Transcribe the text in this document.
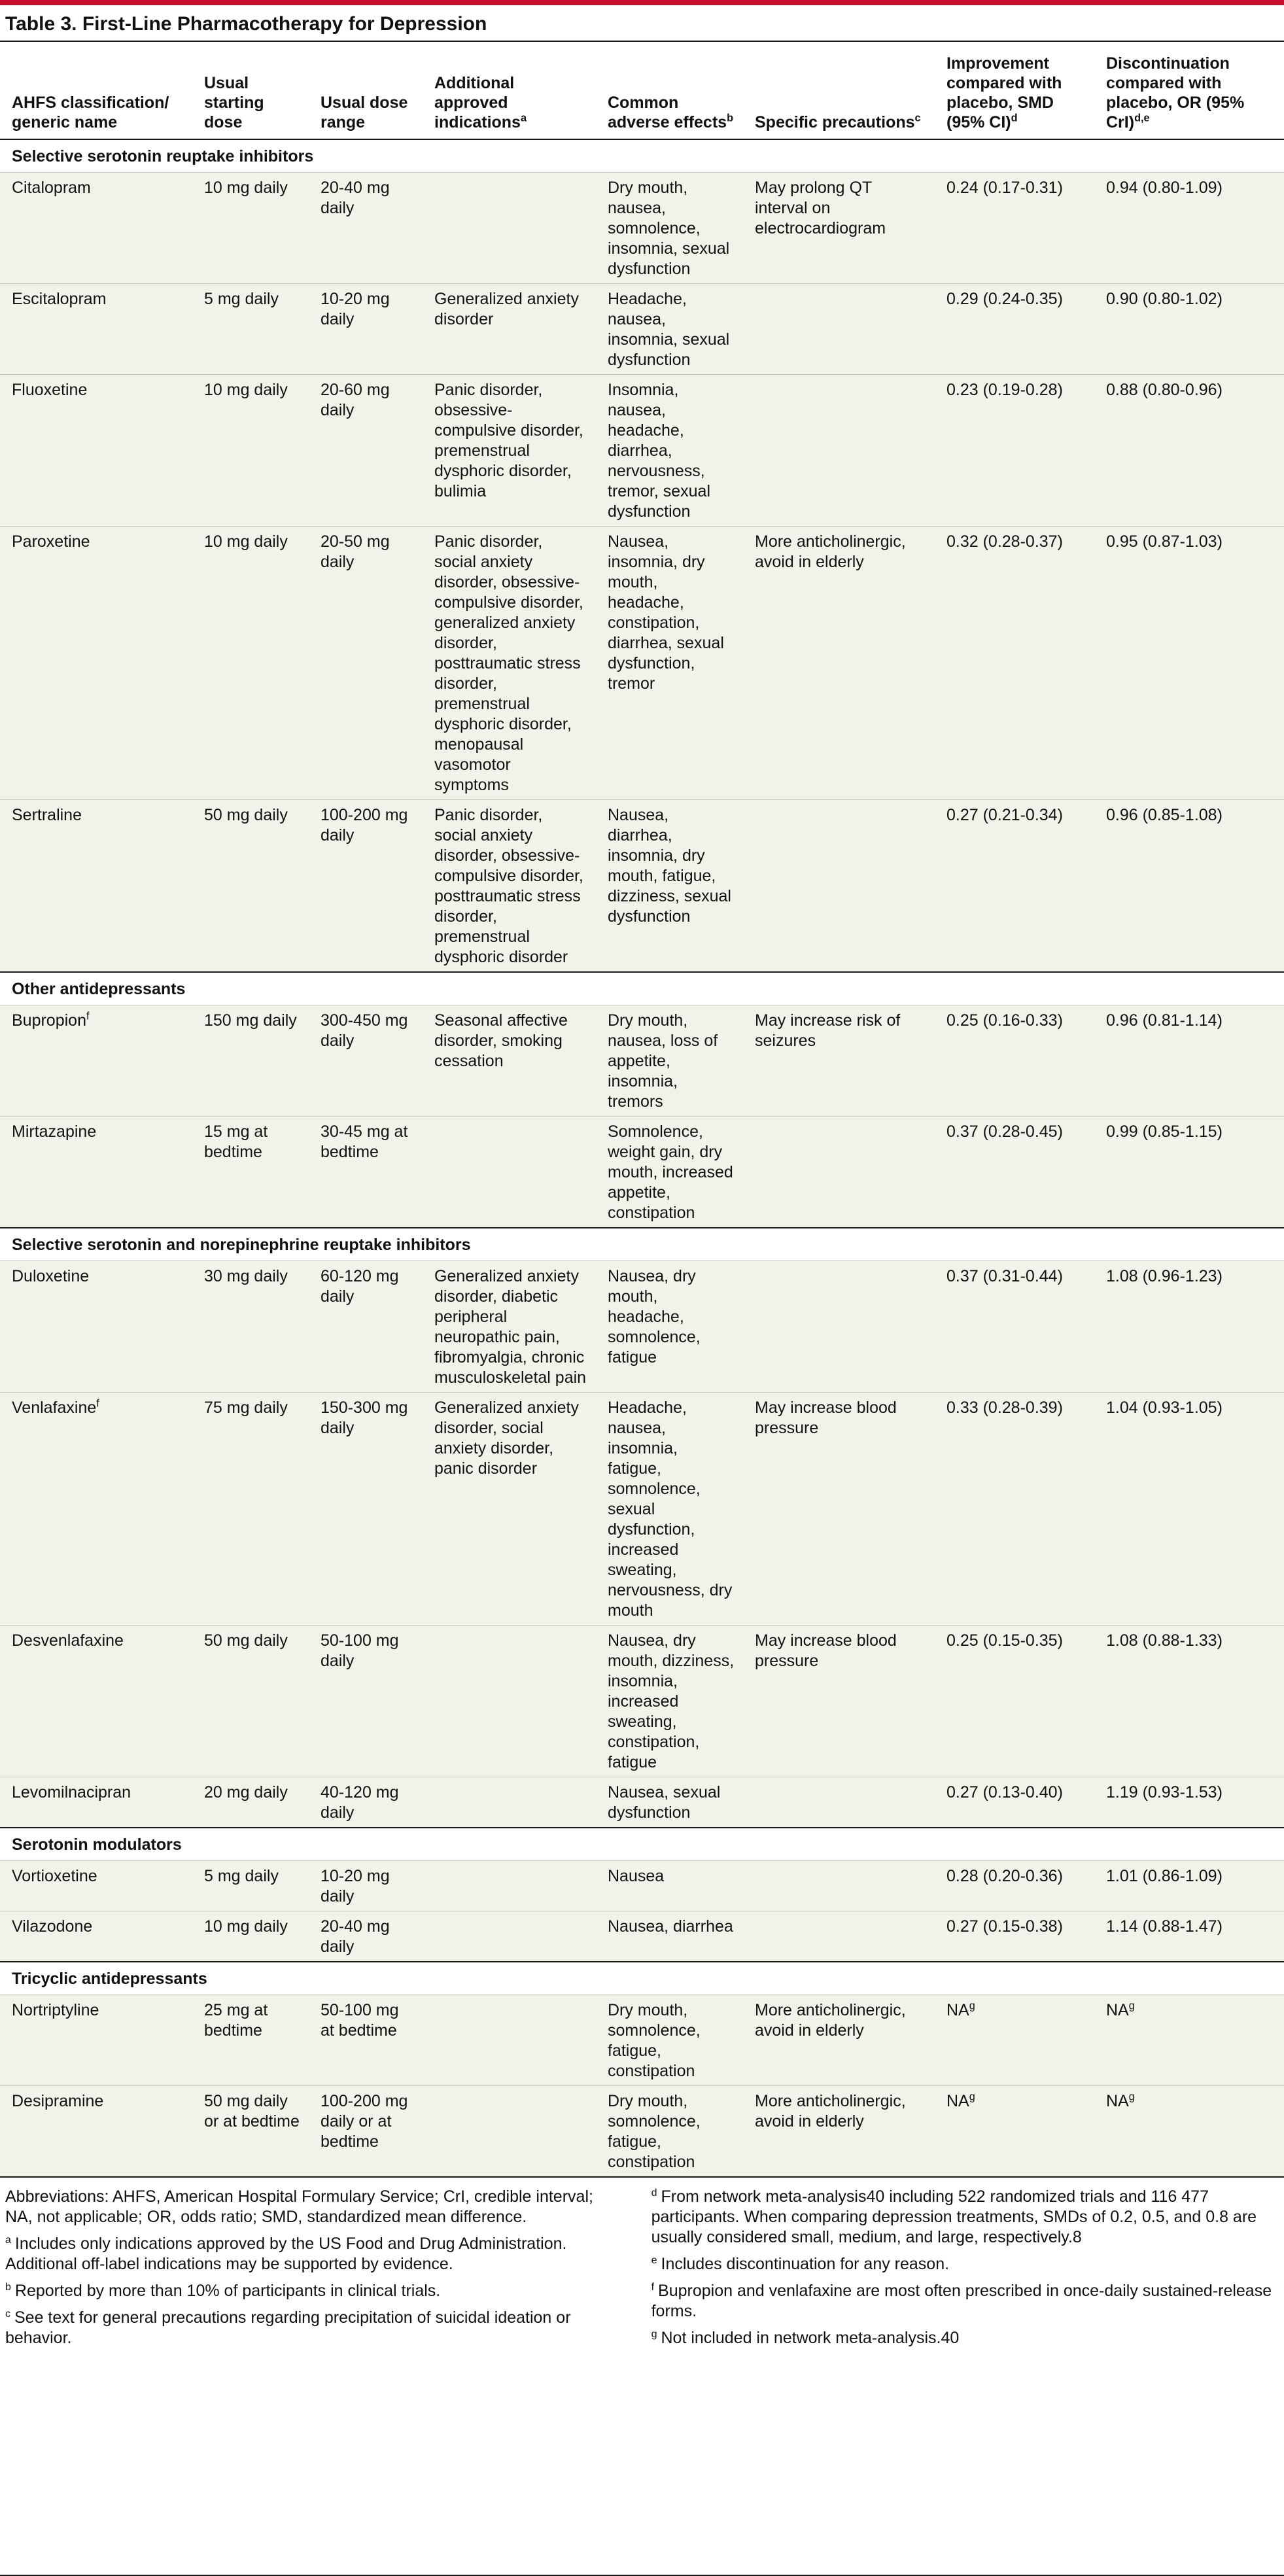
Table 3. First-Line Pharmacotherapy for Depression
AHFS classification/ generic name	Usual starting dose	Usual dose range	Additional approved indications$^a$	Common adverse effects$^b$	Specific precautions$^c$	Improvement compared with placebo, SMD (95% CI)$^d$	Discontinuation compared with placebo, OR (95% CrI)$^{d,e}$
Selective serotonin reuptake inhibitors							
Citalopram	10 mg daily	20-40 mg daily		Dry mouth, nausea, somnolence, insomnia, sexual dysfunction	May prolong QT interval on electrocardiogram	0.24 (0.17-0.31)	0.94 (0.80-1.09)
Escitalopram	5 mg daily	10-20 mg daily	Generalized anxiety disorder	Headache, nausea, insomnia, sexual dysfunction		0.29 (0.24-0.35)	0.90 (0.80-1.02)
Fluoxetine	10 mg daily	20-60 mg daily	Panic disorder, obsessive-compulsive disorder, premenstrual dysphoric disorder, bulimia	Insomnia, nausea, headache, diarrhea, nervousness, tremor, sexual dysfunction		0.23 (0.19-0.28)	0.88 (0.80-0.96)
Paroxetine	10 mg daily	20-50 mg daily	Panic disorder, social anxiety disorder, obsessive-compulsive disorder, generalized anxiety disorder, posttraumatic stress disorder, premenstrual dysphoric disorder, menopausal vasomotor symptoms	Nausea, insomnia, dry mouth, headache, constipation, diarrhea, sexual dysfunction, tremor	More anticholinergic, avoid in elderly	0.32 (0.28-0.37)	0.95 (0.87-1.03)
Sertraline	50 mg daily	100-200 mg daily	Panic disorder, social anxiety disorder, obsessive-compulsive disorder, posttraumatic stress disorder, premenstrual dysphoric disorder	Nausea, diarrhea, insomnia, dry mouth, fatigue, dizziness, sexual dysfunction		0.27 (0.21-0.34)	0.96 (0.85-1.08)
Other antidepressants							
Bupropion$^f$	150 mg daily	300-450 mg daily	Seasonal affective disorder, smoking cessation	Dry mouth, nausea, loss of appetite, insomnia, tremors	May increase risk of seizures	0.25 (0.16-0.33)	0.96 (0.81-1.14)
Mirtazapine	15 mg at bedtime	30-45 mg at bedtime		Somnolence, weight gain, dry mouth, increased appetite, constipation		0.37 (0.28-0.45)	0.99 (0.85-1.15)
Selective serotonin and norepinephrine reuptake inhibitors							
Duloxetine	30 mg daily	60-120 mg daily	Generalized anxiety disorder, diabetic peripheral neuropathic pain, fibromyalgia, chronic musculoskeletal pain	Nausea, dry mouth, headache, somnolence, fatigue		0.37 (0.31-0.44)	1.08 (0.96-1.23)
Venlafaxine$^f$	75 mg daily	150-300 mg daily	Generalized anxiety disorder, social anxiety disorder, panic disorder	Headache, nausea, insomnia, fatigue, somnolence, sexual dysfunction, increased sweating, nervousness, dry mouth	May increase blood pressure	0.33 (0.28-0.39)	1.04 (0.93-1.05)
Desvenlafaxine	50 mg daily	50-100 mg daily		Nausea, dry mouth, dizziness, insomnia, increased sweating, constipation, fatigue	May increase blood pressure	0.25 (0.15-0.35)	1.08 (0.88-1.33)
Levomilnacipran	20 mg daily	40-120 mg daily		Nausea, sexual dysfunction		0.27 (0.13-0.40)	1.19 (0.93-1.53)
Serotonin modulators							
Vortioxetine	5 mg daily	10-20 mg daily		Nausea		0.28 (0.20-0.36)	1.01 (0.86-1.09)
Vilazodone	10 mg daily	20-40 mg daily		Nausea, diarrhea		0.27 (0.15-0.38)	1.14 (0.88-1.47)
Tricyclic antidepressants							
Nortriptyline	25 mg at bedtime	50-100 mg at bedtime		Dry mouth, somnolence, fatigue, constipation	More anticholinergic, avoid in elderly	$NA^g$	$NA^g$
Desipramine	50 mg daily or at bedtime	100-200 mg daily or at bedtime		Dry mouth, somnolence, fatigue, constipation	More anticholinergic, avoid in elderly	$NA^g$	$NA^g$
Abbreviations: AHFS, American Hospital Formulary Service; CrI, credible interval; NA, not applicable; OR, odds ratio; SMD, standardized mean difference.
$^a$ Includes only indications approved by the US Food and Drug Administration. Additional off-label indications may be supported by evidence.
$^b$ Reported by more than 10% of participants in clinical trials.
$^c$ See text for general precautions regarding precipitation of suicidal ideation or behavior.
$^d$ From network meta-analysis40 including 522 randomized trials and 116 477 participants. When comparing depression treatments, SMDs of 0.2, 0.5, and 0.8 are usually considered small, medium, and large, respectively.8
$^e$ Includes discontinuation for any reason.
$^f$ Bupropion and venlafaxine are most often prescribed in once-daily sustained-release forms.
$^g$ Not included in network meta-analysis.40
